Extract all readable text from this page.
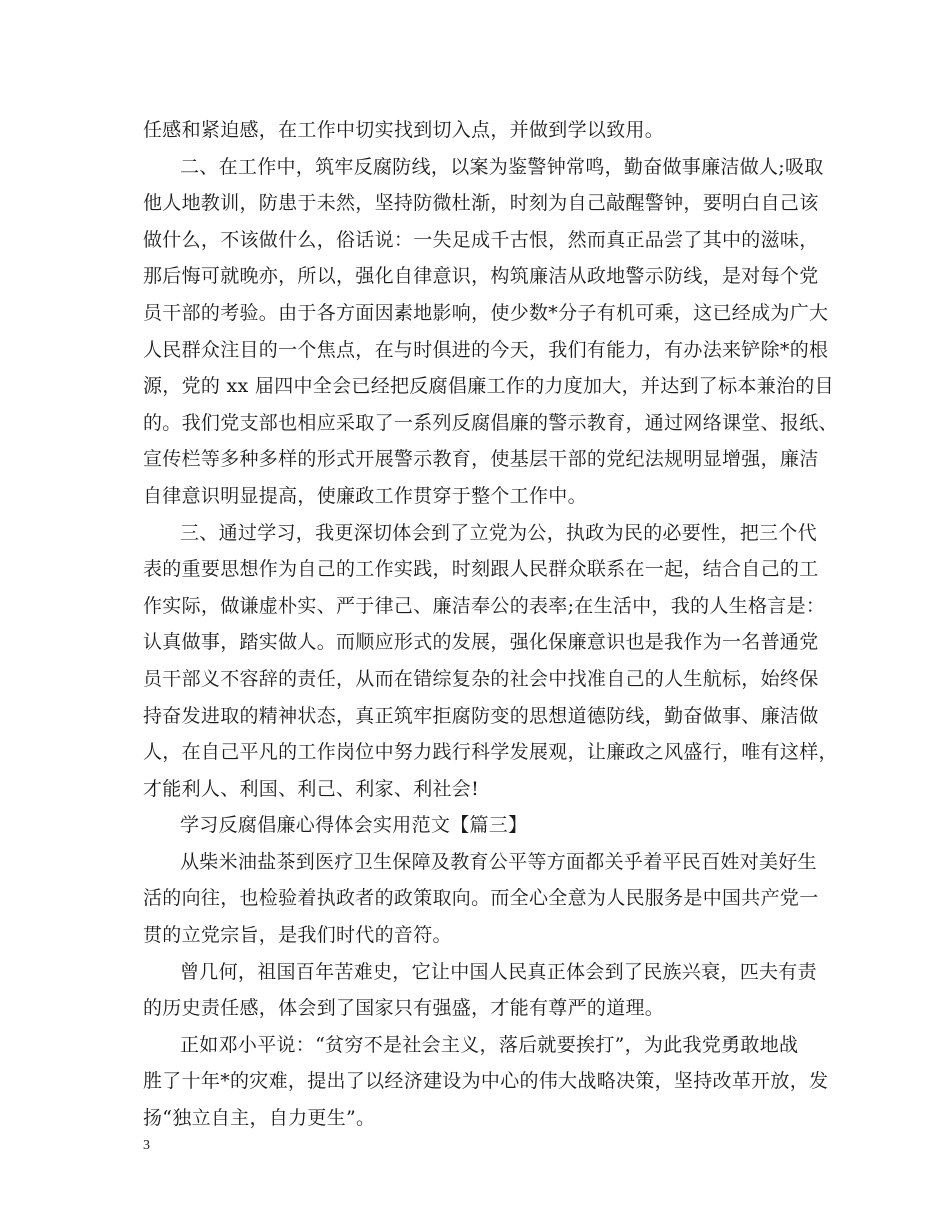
任感和紧迫感，在工作中切实找到切入点，并做到学以致用。
二、在工作中，筑牢反腐防线，以案为鉴警钟常鸣，勤奋做事廉洁做人;吸取
他人地教训，防患于未然，坚持防微杜渐，时刻为自己敲醒警钟，要明白自己该
做什么，不该做什么，俗话说：一失足成千古恨，然而真正品尝了其中的滋味，
那后悔可就晚亦，所以，强化自律意识，构筑廉洁从政地警示防线，是对每个党
员干部的考验。由于各方面因素地影响，使少数*分子有机可乘，这已经成为广大
人民群众注目的一个焦点，在与时俱进的今天，我们有能力，有办法来铲除*的根
源，党的 xx 届四中全会已经把反腐倡廉工作的力度加大，并达到了标本兼治的目
的。我们党支部也相应采取了一系列反腐倡廉的警示教育，通过网络课堂、报纸、
宣传栏等多种多样的形式开展警示教育，使基层干部的党纪法规明显增强，廉洁
自律意识明显提高，使廉政工作贯穿于整个工作中。
三、通过学习，我更深切体会到了立党为公，执政为民的必要性，把三个代
表的重要思想作为自己的工作实践，时刻跟人民群众联系在一起，结合自己的工
作实际，做谦虚朴实、严于律己、廉洁奉公的表率;在生活中，我的人生格言是：
认真做事，踏实做人。而顺应形式的发展，强化保廉意识也是我作为一名普通党
员干部义不容辞的责任，从而在错综复杂的社会中找准自己的人生航标，始终保
持奋发进取的精神状态，真正筑牢拒腐防变的思想道德防线，勤奋做事、廉洁做
人，在自己平凡的工作岗位中努力践行科学发展观，让廉政之风盛行，唯有这样，
才能利人、利国、利己、利家、利社会!
学习反腐倡廉心得体会实用范文【篇三】
从柴米油盐茶到医疗卫生保障及教育公平等方面都关乎着平民百姓对美好生
活的向往，也检验着执政者的政策取向。而全心全意为人民服务是中国共产党一
贯的立党宗旨，是我们时代的音符。
曾几何，祖国百年苦难史，它让中国人民真正体会到了民族兴衰，匹夫有责
的历史责任感，体会到了国家只有强盛，才能有尊严的道理。
正如邓小平说：“贫穷不是社会主义，落后就要挨打”，为此我党勇敢地战
胜了十年*的灾难，提出了以经济建设为中心的伟大战略决策，坚持改革开放，发
扬“独立自主，自力更生”。
3
